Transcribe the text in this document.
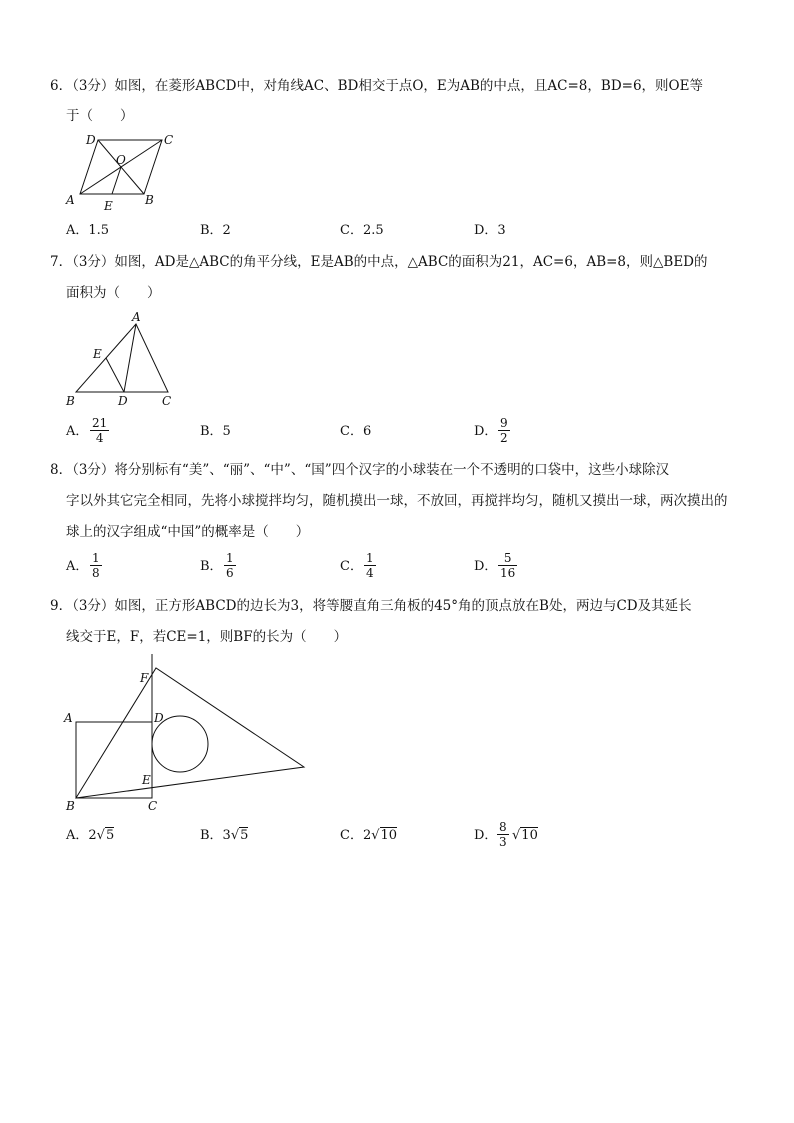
6．（3分）如图，在菱形ABCD中，对角线AC、BD相交于点O，E为AB的中点，且AC=8，BD=6，则OE等
于（　　）
D	C
O
A E	B
A．1.5	B．2	C．2.5	D．3
7．（3分）如图，AD是△ABC的角平分线，E是AB的中点，△ABC的面积为21，AC=6，AB=8，则△BED的
面积为（　　）
A
E
B	D	C
A．
21
4	B．5	C．6	D．
9
2
8．（3分）将分别标有“美”、“丽”、“中”、“国”四个汉字的小球装在一个不透明的口袋中，这些小球除汉
字以外其它完全相同，先将小球搅拌均匀，随机摸出一球，不放回，再搅拌均匀，随机又摸出一球，两次摸出的
球上的汉字组成“中国”的概率是（　　）
A．
1
8	B．
1
6	C．
1
4	D．
5
16
9．（3分）如图，正方形ABCD的边长为3，将等腰直角三角板的45°角的顶点放在B处，两边与CD及其延长
线交于E，F，若CE=1，则BF的长为（　　）
F
A	D
E
B	C
A．2√5	B．3√5	C．2√10	D．
8
3 √10
